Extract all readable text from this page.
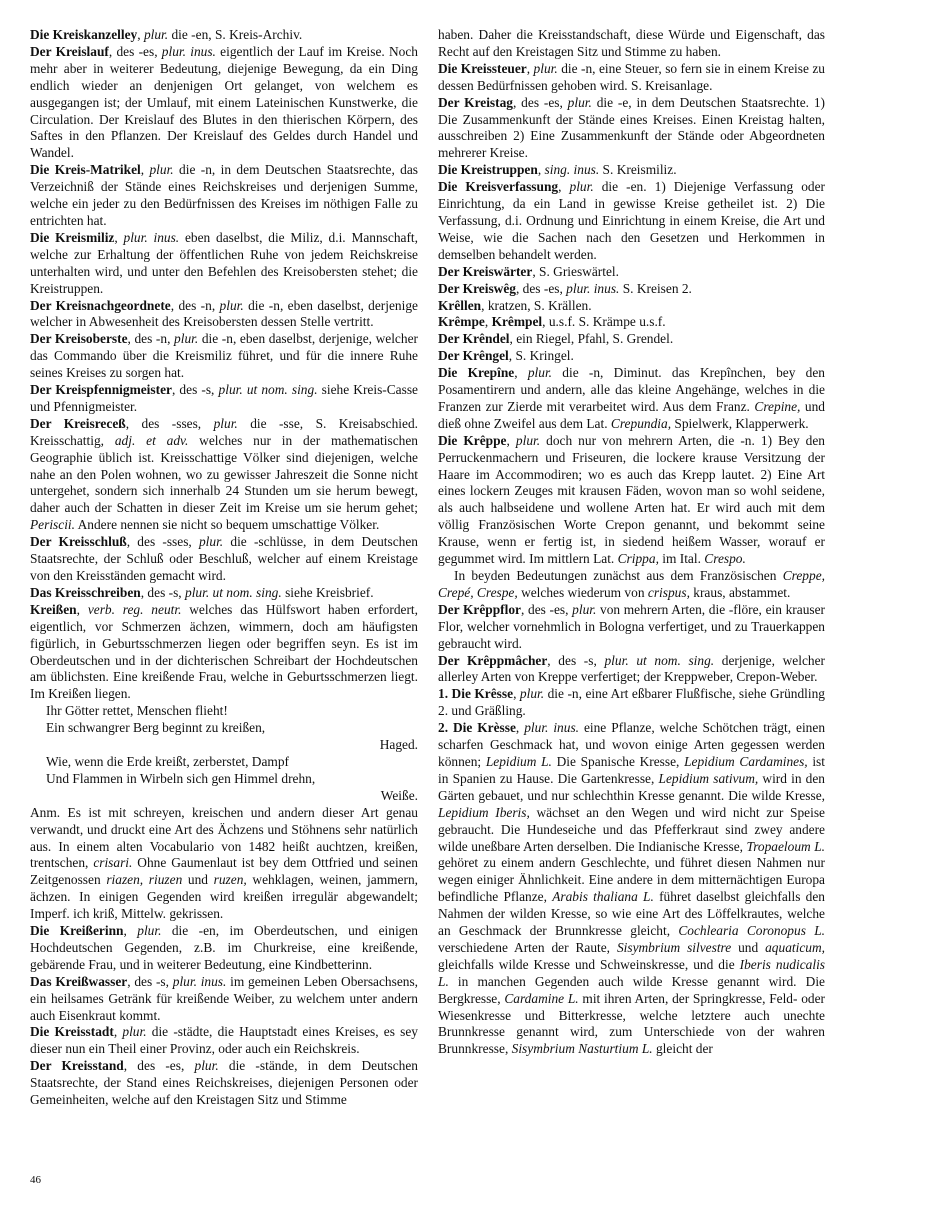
Die Kreiskanzelley, plur. die -en, S. Kreis-Archiv.

Der Kreislauf, des -es, plur. inus. eigentlich der Lauf im Kreise. Noch mehr aber in weiterer Bedeutung, diejenige Bewegung, da ein Ding endlich wieder an denjenigen Ort gelanget, von welchem es ausgegangen ist; der Umlauf, mit einem Lateinischen Kunstwerke, die Circulation. Der Kreislauf des Blutes in den thierischen Körpern, des Saftes in den Pflanzen. Der Kreislauf des Geldes durch Handel und Wandel.

Die Kreis-Matrikel, plur. die -n, in dem Deutschen Staatsrechte, das Verzeichniß der Stände eines Reichskreises und derjenigen Summe, welche ein jeder zu den Bedürfnissen des Kreises im nöthigen Falle zu entrichten hat.

Die Kreismiliz, plur. inus. eben daselbst, die Miliz, d.i. Mannschaft, welche zur Erhaltung der öffentlichen Ruhe von jedem Reichskreise unterhalten wird, und unter den Befehlen des Kreisobersten stehet; die Kreistruppen.

Der Kreisnachgeordnete, des -n, plur. die -n, eben daselbst, derjenige welcher in Abwesenheit des Kreisobersten dessen Stelle vertritt.

Der Kreisoberste, des -n, plur. die -n, eben daselbst, derjenige, welcher das Commando über die Kreismiliz führet, und für die innere Ruhe seines Kreises zu sorgen hat.

Der Kreispfennigmeister, des -s, plur. ut nom. sing. siehe Kreis-Casse und Pfennigmeister.

Der Kreisreceß, des -sses, plur. die -sse, S. Kreisabschied. Kreisschattig, adj. et adv. welches nur in der mathematischen Geographie üblich ist. Kreisschattige Völker sind diejenigen, welche nahe an den Polen wohnen, wo zu gewisser Jahreszeit die Sonne nicht untergehet, sondern sich innerhalb 24 Stunden um sie herum bewegt, daher auch der Schatten in dieser Zeit im Kreise um sie herum gehet; Periscii. Andere nennen sie nicht so bequem umschattige Völker.

Der Kreisschluß, des -sses, plur. die -schlüsse, in dem Deutschen Staatsrechte, der Schluß oder Beschluß, welcher auf einem Kreistage von den Kreisständen gemacht wird.

Das Kreisschreiben, des -s, plur. ut nom. sing. siehe Kreisbrief.

Kreißen, verb. reg. neutr. welches das Hülfswort haben erfordert, eigentlich, vor Schmerzen ächzen, wimmern, doch am häufigsten figürlich, in Geburtsschmerzen liegen oder begriffen seyn. Es ist im Oberdeutschen und in der dichterischen Schreibart der Hochdeutschen am üblichsten. Eine kreißende Frau, welche in Geburtsschmerzen liegt. Im Kreißen liegen.

Ihr Götter rettet, Menschen flieht!
Ein schwangrer Berg beginnt zu kreißen,
Haged.
Wie, wenn die Erde kreißt, zerberstet, Dampf
Und Flammen in Wirbeln sich gen Himmel drehn,
Weiße.

Anm. Es ist mit schreyen, kreischen und andern dieser Art genau verwandt, und druckt eine Art des Ächzens und Stöhnens sehr natürlich aus. In einem alten Vocabulario von 1482 heißt auchtzen, kreißen, trentschen, crisari. Ohne Gaumenlaut ist bey dem Ottfried und seinen Zeitgenossen riazen, riuzen und ruzen, wehklagen, weinen, jammern, ächzen. In einigen Gegenden wird kreißen irregulär abgewandelt; Imperf. ich kriß, Mittelw. gekrissen.

Die Kreißerinn, plur. die -en, im Oberdeutschen, und einigen Hochdeutschen Gegenden, z.B. im Churkreise, eine kreißende, gebärende Frau, und in weiterer Bedeutung, eine Kindbetterinn.

Das Kreißwasser, des -s, plur. inus. im gemeinen Leben Obersachsens, ein heilsames Getränk für kreißende Weiber, zu welchem unter andern auch Eisenkraut kommt.

Die Kreisstadt, plur. die -städte, die Hauptstadt eines Kreises, es sey dieser nun ein Theil einer Provinz, oder auch ein Reichskreis.

Der Kreisstand, des -es, plur. die -stände, in dem Deutschen Staatsrechte, der Stand eines Reichskreises, diejenigen Personen oder Gemeinheiten, welche auf den Kreistagen Sitz und Stimme

haben. Daher die Kreisstandschaft, diese Würde und Eigenschaft, das Recht auf den Kreistagen Sitz und Stimme zu haben.

Die Kreissteuer, plur. die -n, eine Steuer, so fern sie in einem Kreise zu dessen Bedürfnissen gehoben wird. S. Kreisanlage.

Der Kreistag, des -es, plur. die -e, in dem Deutschen Staatsrechte. 1) Die Zusammenkunft der Stände eines Kreises. Einen Kreistag halten, ausschreiben 2) Eine Zusammenkunft der Stände oder Abgeordneten mehrerer Kreise.

Die Kreistruppen, sing. inus. S. Kreismiliz.

Die Kreisverfassung, plur. die -en. 1) Diejenige Verfassung oder Einrichtung, da ein Land in gewisse Kreise getheilet ist. 2) Die Verfassung, d.i. Ordnung und Einrichtung in einem Kreise, die Art und Weise, wie die Sachen nach den Gesetzen und Herkommen in demselben behandelt werden.

Der Kreiswärter, S. Grieswärtel.

Der Kreiswêg, des -es, plur. inus. S. Kreisen 2.

Krêllen, kratzen, S. Krällen.

Krêmpe, Krêmpel, u.s.f. S. Krämpe u.s.f.

Der Krêndel, ein Riegel, Pfahl, S. Grendel.

Der Krêngel, S. Kringel.

Die Krepîne, plur. die -n, Diminut. das Krepînchen, bey den Posamentirern und andern, alle das kleine Angehänge, welches in die Franzen zur Zierde mit verarbeitet wird. Aus dem Franz. Crepine, und dieß ohne Zweifel aus dem Lat. Crepundia, Spielwerk, Klapperwerk.

Die Krêppe, plur. doch nur von mehrern Arten, die -n. 1) Bey den Perruckenmachern und Friseuren, die lockere krause Versitzung der Haare im Accommodiren; wo es auch das Krepp lautet. 2) Eine Art eines lockern Zeuges mit krausen Fäden, wovon man so wohl seidene, als auch halbseidene und wollene Arten hat. Er wird auch mit dem völlig Französischen Worte Crepon genannt, und bekommt seine Krause, wenn er fertig ist, in siedend heißem Wasser, worauf er gegummet wird. Im mittlern Lat. Crippa, im Ital. Crespo.

In beyden Bedeutungen zunächst aus dem Französischen Creppe, Crepé, Crespe, welches wiederum von crispus, kraus, abstammet.

Der Krêppflor, des -es, plur. von mehrern Arten, die -flöre, ein krauser Flor, welcher vornehmlich in Bologna verfertiget, und zu Trauerkappen gebraucht wird.

Der Krêppmâcher, des -s, plur. ut nom. sing. derjenige, welcher allerley Arten von Kreppe verfertiget; der Kreppweber, Crepon-Weber.

1. Die Krêsse, plur. die -n, eine Art eßbarer Flußfische, siehe Gründling 2. und Gräßling.

2. Die Krèsse, plur. inus. eine Pflanze, welche Schötchen trägt, einen scharfen Geschmack hat, und wovon einige Arten gegessen werden können; Lepidium L. Die Spanische Kresse, Lepidium Cardamines, ist in Spanien zu Hause. Die Gartenkresse, Lepidium sativum, wird in den Gärten gebauet, und nur schlechthin Kresse genannt. Die wilde Kresse, Lepidium Iberis, wächset an den Wegen und wird nicht zur Speise gebraucht. Die Hundeseiche und das Pfefferkraut sind zwey andere wilde uneßbare Arten derselben. Die Indianische Kresse, Tropaeloum L. gehöret zu einem andern Geschlechte, und führet diesen Nahmen nur wegen einiger Ähnlichkeit. Eine andere in dem mitternächtigen Europa befindliche Pflanze, Arabis thaliana L. führet daselbst gleichfalls den Nahmen der wilden Kresse, so wie eine Art des Löffelkrautes, welche an Geschmack der Brunnkresse gleicht, Cochlearia Coronopus L. verschiedene Arten der Raute, Sisymbrium silvestre und aquaticum, gleichfalls wilde Kresse und Schweinskresse, und die Iberis nudicalis L. in manchen Gegenden auch wilde Kresse genannt wird. Die Bergkresse, Cardamine L. mit ihren Arten, der Springkresse, Feld- oder Wiesenkresse und Bitterkresse, welche letztere auch unechte Brunnkresse genannt wird, zum Unterschiede von der wahren Brunnkresse, Sisymbrium Nasturtium L. gleicht der

46
